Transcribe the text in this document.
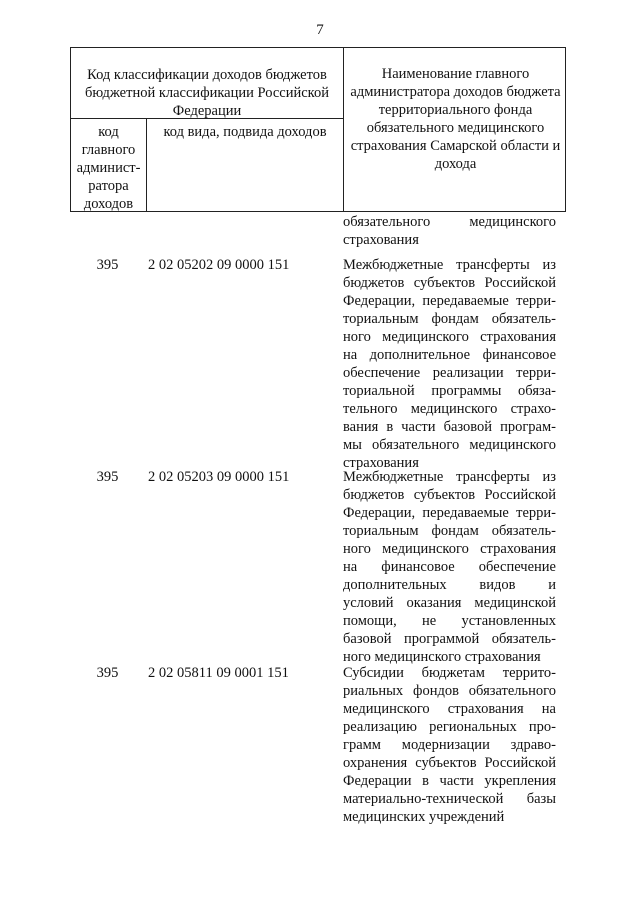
7
Код классификации доходов бюджетов бюджетной классификации Российской Федерации
Наименование главного администратора доходов бюджета территориального фонда обязательного медицинского страхования Самарской области и дохода
код главного админист-ратора доходов
код вида, подвида доходов
обязательного медицинского
страхования
395	2 02 05202 09 0000 151	Межбюджетные трансферты из
бюджетов субъектов Российской
Федерации, передаваемые терри-
ториальным фондам обязатель-
ного медицинского страхования
на дополнительное финансовое
обеспечение реализации терри-
ториальной программы обяза-
тельного медицинского страхо-
вания в части базовой програм-
мы обязательного медицинского
страхования
395	2 02 05203 09 0000 151	Межбюджетные трансферты из
бюджетов субъектов Российской
Федерации, передаваемые терри-
ториальным фондам обязатель-
ного медицинского страхования
на финансовое обеспечение
дополнительных видов и
условий оказания медицинской
помощи, не установленных
базовой программой обязатель-
ного медицинского страхования
395	2 02 05811 09 0001 151	Субсидии бюджетам террито-
риальных фондов обязательного
медицинского страхования на
реализацию региональных про-
грамм модернизации здраво-
охранения субъектов Российской
Федерации в части укрепления
материально-технической базы
медицинских учреждений
